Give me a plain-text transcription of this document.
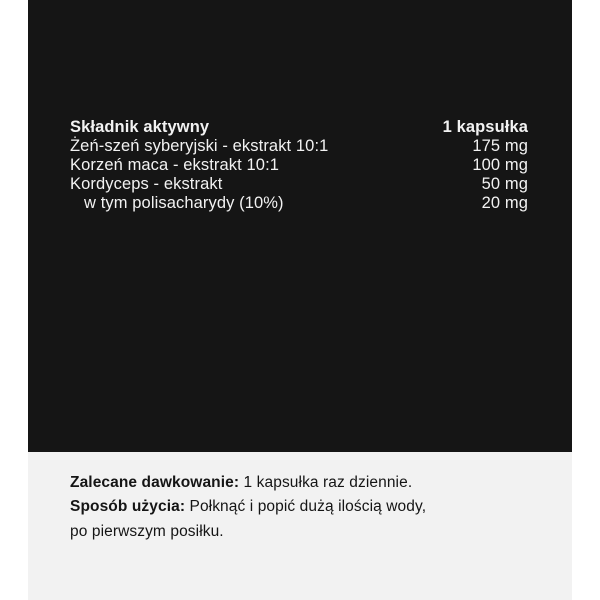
Składnik aktywny	1 kapsułka
Żeń-szeń syberyjski - ekstrakt 10:1	175 mg
Korzeń maca - ekstrakt 10:1	100 mg
Kordyceps - ekstrakt	50 mg
w tym polisacharydy (10%)	20 mg

Zalecane dawkowanie: 1 kapsułka raz dziennie.

Sposób użycia: Połknąć i popić dużą ilością wody,

po pierwszym posiłku.
